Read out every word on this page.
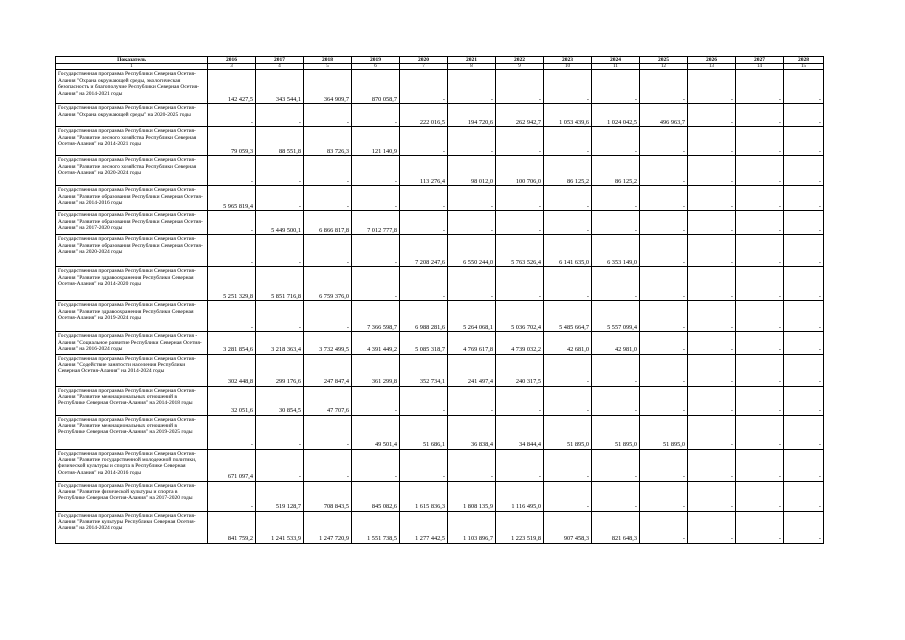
Показатель	2016	2017	2018	2019	2020	2021	2022	2023	2024	2025	2026	2027	2028
1	3	4	5	6	7	8	9	10	11	12	13	14	15
Государственная программа Республики Северная Осетия-Алания "Охрана окружающей среды, экологическая безопасность и благополучие Республики Северная Осетия-Алания" на 2014-2021 годы	142 427,5	343 544,1	364 909,7	870 058,7	-	-	-	-	-	-	-	-	-
Государственная программа Республики Северная Осетия-Алания "Охрана окружающей среды" на 2020-2025 годы	-	-	-	-	222 016,5	194 720,6	262 942,7	1 053 439,6	1 024 042,5	496 963,7	-	-	-
Государственная программа Республики Северная Осетия-Алания "Развитие лесного хозяйства Республики Северная Осетия-Алания" на 2014-2021 годы	79 059,3	88 551,8	83 726,3	121 140,9	-	-	-	-	-	-	-	-	-
Государственная программа Республики Северная Осетия-Алания "Развитие лесного хозяйства Республики Северная Осетия-Алания" на 2020-2024 годы	-	-	-	-	113 276,4	98 012,0	100 706,0	86 125,2	86 125,2	-	-	-	-
Государственная программа Республики Северная Осетия-Алания "Развитие образования Республики Северная Осетия-Алания" на 2014-2016 годы	5 965 819,4	-	-	-	-	-	-	-	-	-	-	-	-
Государственная программа Республики Северная Осетия-Алания "Развитие образования Республики Северная Осетия-Алания" на 2017-2020 годы	-	5 449 500,1	6 866 817,8	7 012 777,8	-	-	-	-	-	-	-	-	-
Государственная программа Республики Северная Осетия-Алания "Развитие образования Республики Северная Осетия-Алания" на 2020-2024 годы	-	-	-	-	7 208 247,6	6 550 244,0	5 763 526,4	6 141 635,0	6 353 149,0	-	-	-	-
Государственная программа Республики Северная Осетия-Алания "Развитие здравоохранения Республики Северная Осетия-Алания" на 2014-2020 годы	5 251 329,8	5 851 716,8	6 759 376,0	-	-	-	-	-	-	-	-	-	-
Государственная программа Республики Северная Осетия-Алания "Развитие здравоохранения Республики Северная Осетия-Алания" на 2019-2024 годы	-	-	-	7 366 598,7	6 988 281,6	5 264 068,1	5 036 702,4	5 485 664,7	5 557 099,4	-	-	-	-
Государственная программа Республики Северная Осетия - Алания "Социальное развитие Республики Северная Осетия-Алания" на 2016-2024 годы	3 281 854,6	3 218 363,4	3 732 499,5	4 391 449,2	5 085 318,7	4 769 617,8	4 739 032,2	42 681,0	42 981,0	-	-	-	-
Государственная программа Республики Северная Осетия-Алания "Содействие занятости населения Республики Северная Осетия-Алания" на 2014-2024 годы	302 448,8	299 176,6	247 847,4	361 299,8	352 734,1	241 497,4	240 317,5	-	-	-	-	-	-
Государственная программа Республики Северная Осетия-Алания "Развитие межнациональных отношений в Республике Северная Осетия-Алания" на 2014-2018 годы	32 051,6	30 854,5	47 707,6	-	-	-	-	-	-	-	-	-	-
Государственная программа Республики Северная Осетия-Алания "Развитие межнациональных отношений в Республике Северная Осетия-Алания" на 2019-2025 годы	-	-	-	49 501,4	51 686,1	36 838,4	34 844,4	51 895,0	51 895,0	51 895,0	-	-	-
Государственная программа Республики Северная Осетия-Алания "Развитие государственной молодежной политики, физической культуры и спорта в Республике Северная Осетия-Алания" на 2014-2016 годы	671 097,4	-	-	-	-	-	-	-	-	-	-	-	-
Государственная программа Республики Северная Осетия-Алания "Развитие физической культуры и спорта в Республике Северная Осетия-Алания" на 2017-2020 годы	-	519 128,7	708 843,5	845 082,6	1 615 836,3	1 808 135,9	1 116 495,0	-	-	-	-	-	-
Государственная программа Республики Северная Осетия-Алания "Развитие культуры Республики Северная Осетия-Алания" на 2014-2024 годы	841 759,2	1 241 533,9	1 247 720,9	1 551 738,5	1 277 442,5	1 103 896,7	1 223 519,8	907 458,3	821 648,3	-	-	-	-
